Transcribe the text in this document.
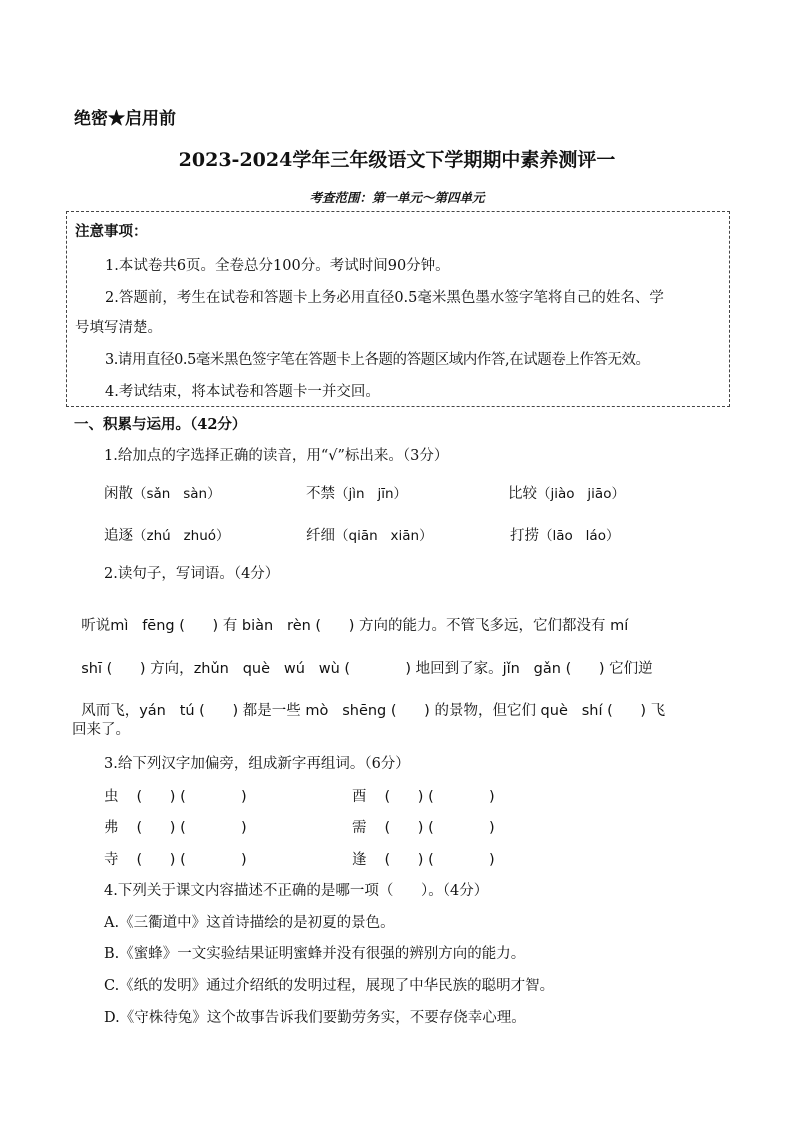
绝密★启用前
2023-2024学年三年级语文下学期期中素养测评一
考查范围：第一单元～第四单元
注意事项：
1.本试卷共6页。全卷总分100分。考试时间90分钟。
2.答题前，考生在试卷和答题卡上务必用直径0.5毫米黑色墨水签字笔将自己的姓名、学
号填写清楚。
3.请用直径0.5毫米黑色签字笔在答题卡上各题的答题区域内作答,在试题卷上作答无效。
4.考试结束，将本试卷和答题卡一并交回。
一、积累与运用。（42分）
1.给加点的字选择正确的读音，用“√”标出来。（3分）
闲散（sǎn sàn）	不禁（jìn jīn）	比较（jiào jiāo）
追逐（zhú zhuó）	纤细（qiān xiān）	打捞（lāo láo）
2.读句子，写词语。（4分）

听说mì   fēng (      ) 有 biàn   rèn (      ) 方向的能力。不管飞多远，它们都没有 mí

shī (      ) 方向，zhǔn   què   wú   wù (            ) 地回到了家。jǐn   gǎn (      ) 它们逆

风而飞，yán   tú (      ) 都是一些 mò   shēng (      ) 的景物，但它们 què   shí (      ) 飞

回来了。
3.给下列汉字加偏旁，组成新字再组词。（6分）
虫 (      ) (            )	酉 (      ) (            )
弗 (      ) (            )	需 (      ) (            )
寺 (      ) (            )	逢 (      ) (            )
4.下列关于课文内容描述不正确的是哪一项（      ）。（4分）
A.《三衢道中》这首诗描绘的是初夏的景色。
B.《蜜蜂》一文实验结果证明蜜蜂并没有很强的辨别方向的能力。
C.《纸的发明》通过介绍纸的发明过程，展现了中华民族的聪明才智。
D.《守株待兔》这个故事告诉我们要勤劳务实，不要存侥幸心理。
